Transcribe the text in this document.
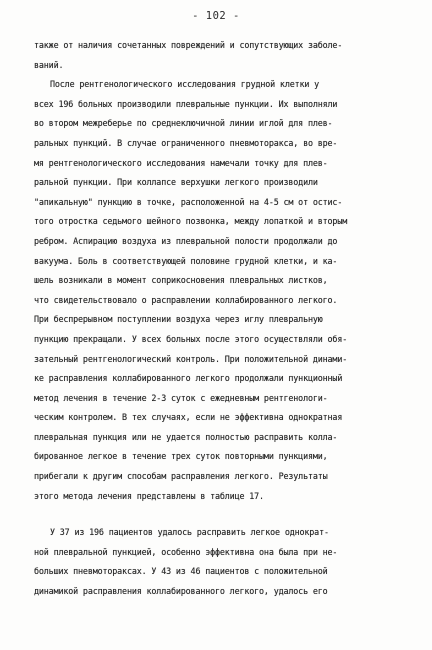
- 102 -
также от наличия сочетанных повреждений и сопутствующих заболе-
ваний.
После рентгенологического исследования грудной клетки у
всех 196 больных производили плевральные пункции. Их выполняли
во втором межреберье по среднеключичной линии иглой для плев-
ральных пункций. В случае ограниченного пневмоторакса, во вре-
мя рентгенологического исследования намечали точку для плев-
ральной пункции. При коллапсе верхушки легкого производили
"апикальную" пункцию в точке, расположенной на 4-5 см от остис-
того отростка седьмого шейного позвонка, между лопаткой и вторым
ребром. Аспирацию воздуха из плевральной полости продолжали до
вакуума. Боль в соответствующей половине грудной клетки, и ка-
шель возникали в момент соприкосновения плевральных листков,
что свидетельствовало о расправлении коллабированного легкого.
При беспрерывном поступлении воздуха через иглу плевральную
пункцию прекращали. У всех больных после этого осуществляли обя-
зательный рентгенологический контроль. При положительной динами-
ке расправления коллабированного легкого продолжали пункционный
метод лечения в течение 2-3 суток с ежедневным рентгенологи-
ческим контролем. В тех случаях, если не эффективна однократная
плевральная пункция или не удается полностью расправить колла-
бированное легкое в течение трех суток повторными пункциями,
прибегали к другим способам расправления легкого. Результаты
этого метода лечения представлены в таблице 17.
У 37 из 196 пациентов удалось расправить легкое однократ-
ной плевральной пункцией, особенно эффективна она была при не-
больших пневмотораксах. У 43 из 46 пациентов с положительной
динамикой расправления коллабированного легкого, удалось его
